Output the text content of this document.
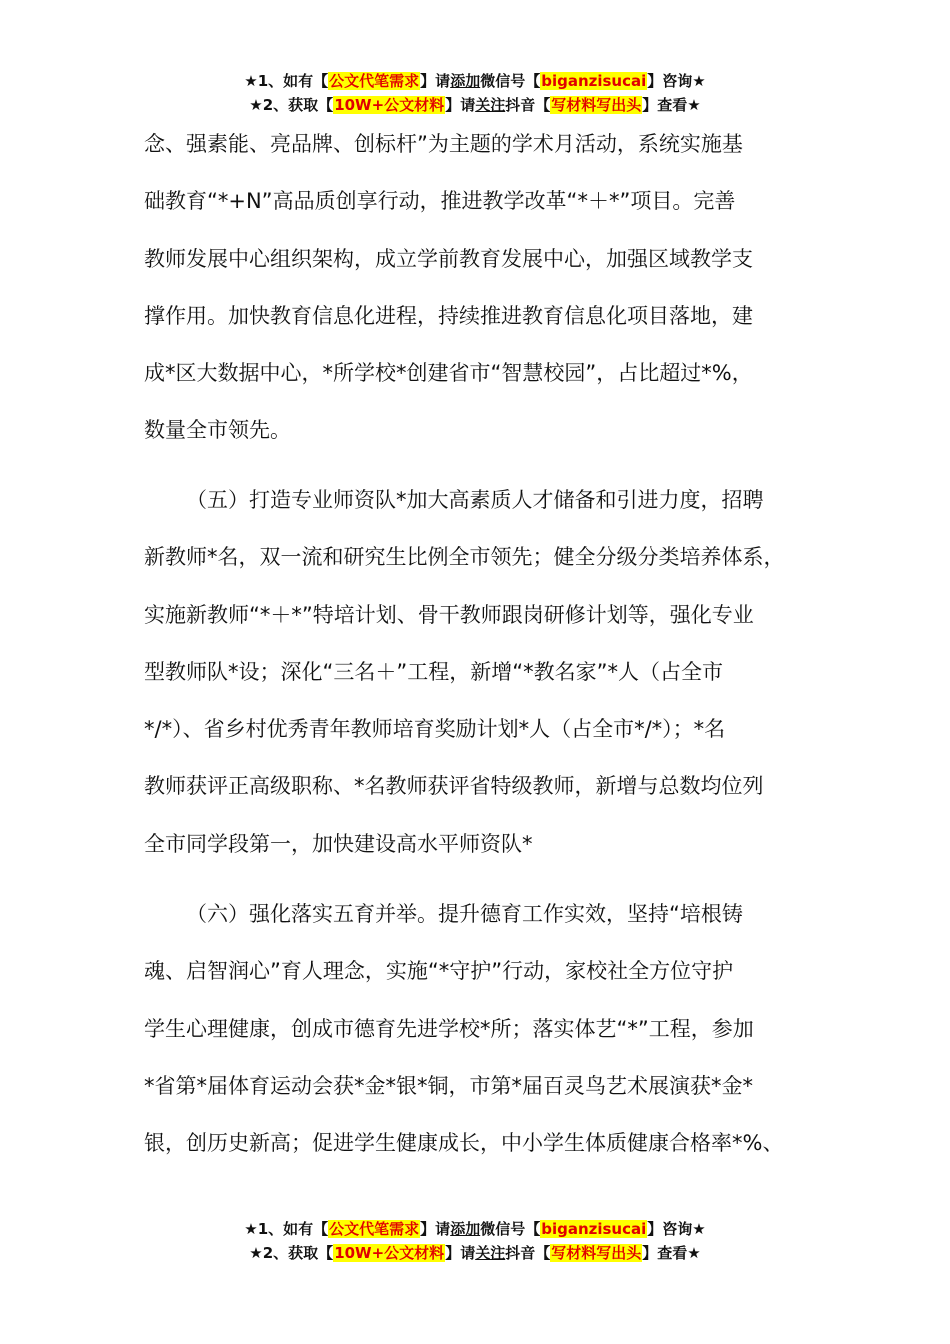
★1、如有【公文代笔需求】请添加微信号【biganzisucai】咨询★
★2、获取【10W+公文材料】请关注抖音【写材料写出头】查看★
念、强素能、亮品牌、创标杆”为主题的学术月活动，系统实施基
础教育“*+N”高品质创享行动，推进教学改革“*＋*”项目。完善
教师发展中心组织架构，成立学前教育发展中心，加强区域教学支
撑作用。加快教育信息化进程，持续推进教育信息化项目落地，建
成*区大数据中心，*所学校*创建省市“智慧校园”，占比超过*%，
数量全市领先。
（五）打造专业师资队*加大高素质人才储备和引进力度，招聘
新教师*名，双一流和研究生比例全市领先；健全分级分类培养体系，
实施新教师“*＋*”特培计划、骨干教师跟岗研修计划等，强化专业
型教师队*设；深化“三名＋”工程，新增“*教名家”*人（占全市
*/*）、省乡村优秀青年教师培育奖励计划*人（占全市*/*）；*名
教师获评正高级职称、*名教师获评省特级教师，新增与总数均位列
全市同学段第一，加快建设高水平师资队*
（六）强化落实五育并举。提升德育工作实效，坚持“培根铸
魂、启智润心”育人理念，实施“*守护”行动，家校社全方位守护
学生心理健康，创成市德育先进学校*所；落实体艺“*”工程，参加
*省第*届体育运动会获*金*银*铜，市第*届百灵鸟艺术展演获*金*
银，创历史新高；促进学生健康成长，中小学生体质健康合格率*%、
★1、如有【公文代笔需求】请添加微信号【biganzisucai】咨询★
★2、获取【10W+公文材料】请关注抖音【写材料写出头】查看★
